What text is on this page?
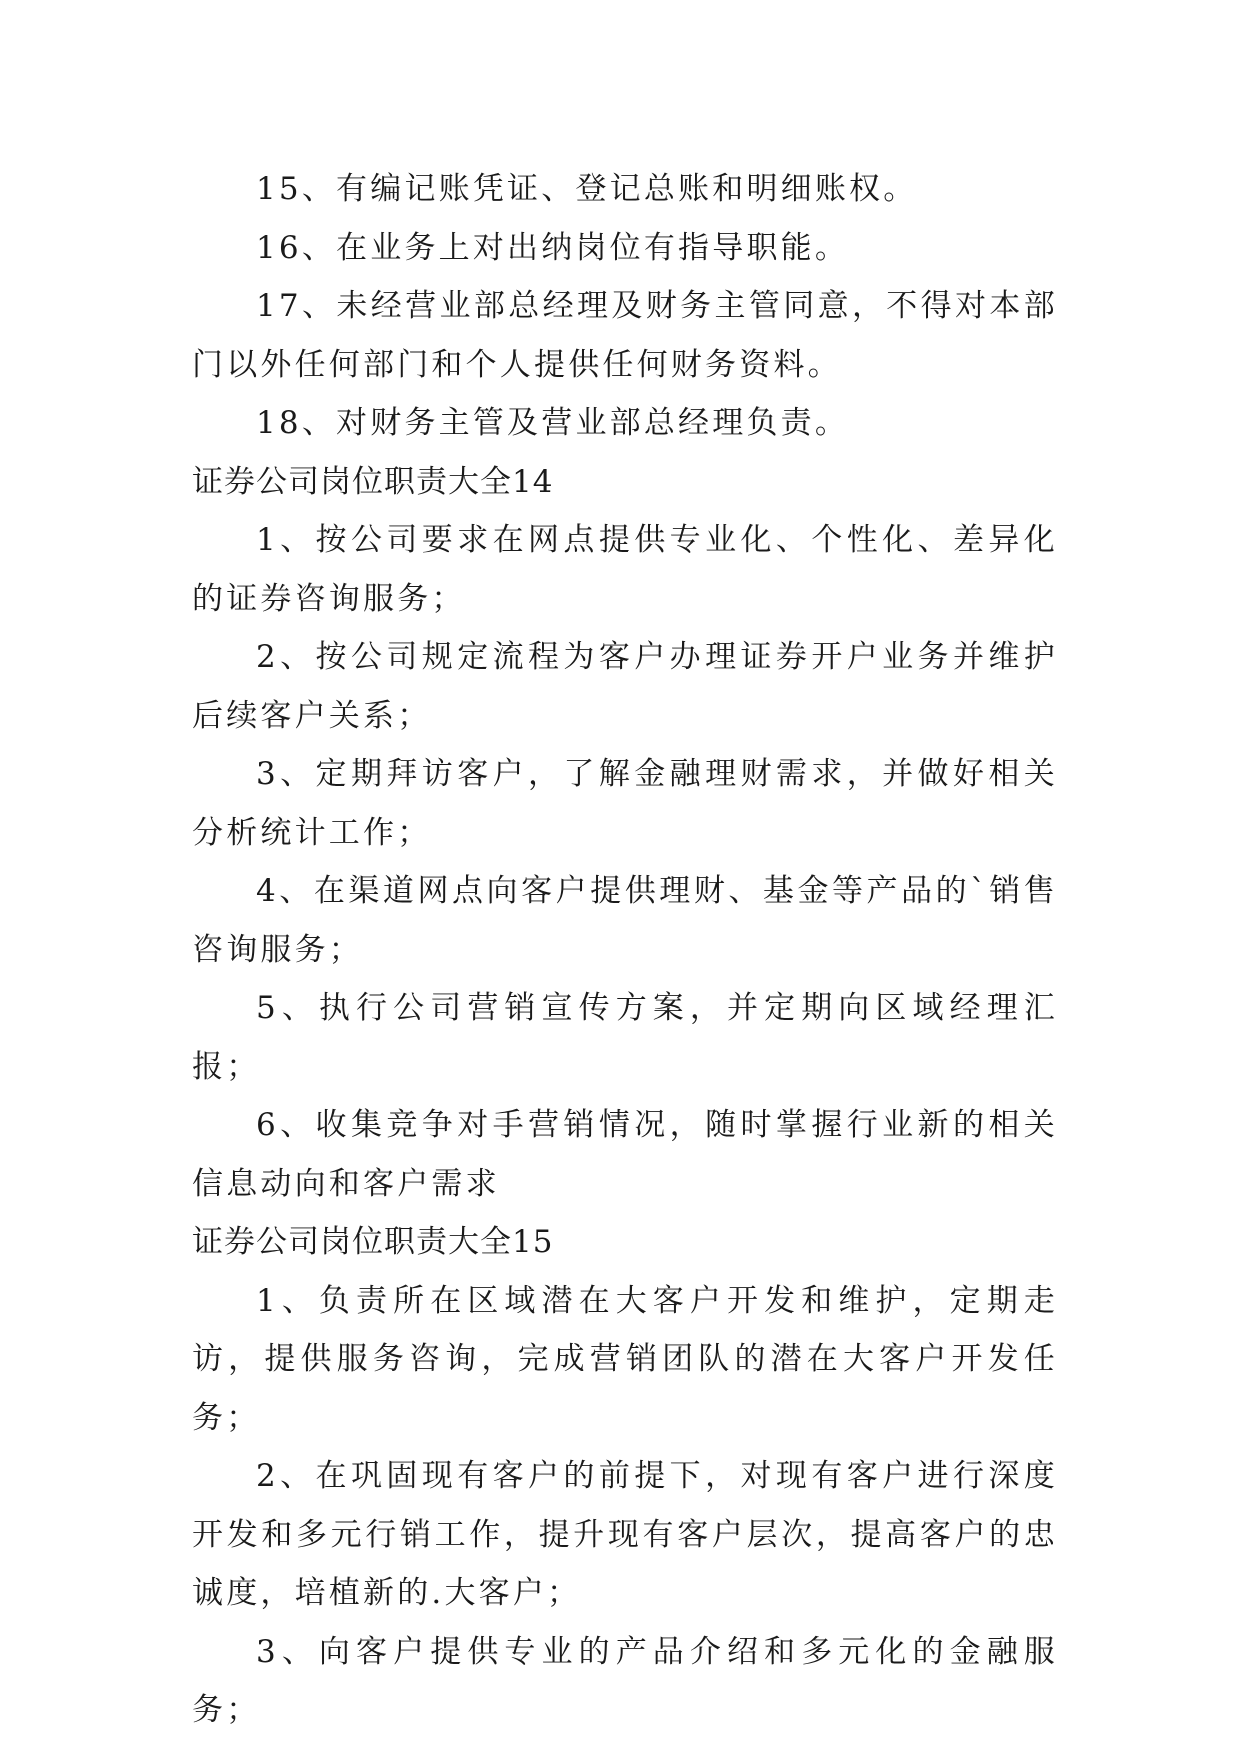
15、有编记账凭证、登记总账和明细账权。

16、在业务上对出纳岗位有指导职能。

17、未经营业部总经理及财务主管同意，不得对本部门以外任何部门和个人提供任何财务资料。

18、对财务主管及营业部总经理负责。

证券公司岗位职责大全14

1、按公司要求在网点提供专业化、个性化、差异化的证券咨询服务；

2、按公司规定流程为客户办理证券开户业务并维护后续客户关系；

3、定期拜访客户，了解金融理财需求，并做好相关分析统计工作；

4、在渠道网点向客户提供理财、基金等产品的`销售咨询服务；

5、执行公司营销宣传方案，并定期向区域经理汇报；

6、收集竞争对手营销情况，随时掌握行业新的相关信息动向和客户需求

证券公司岗位职责大全15

1、负责所在区域潜在大客户开发和维护，定期走访，提供服务咨询，完成营销团队的潜在大客户开发任务；

2、在巩固现有客户的前提下，对现有客户进行深度开发和多元行销工作，提升现有客户层次，提高客户的忠诚度，培植新的.大客户；

3、向客户提供专业的产品介绍和多元化的金融服务；
